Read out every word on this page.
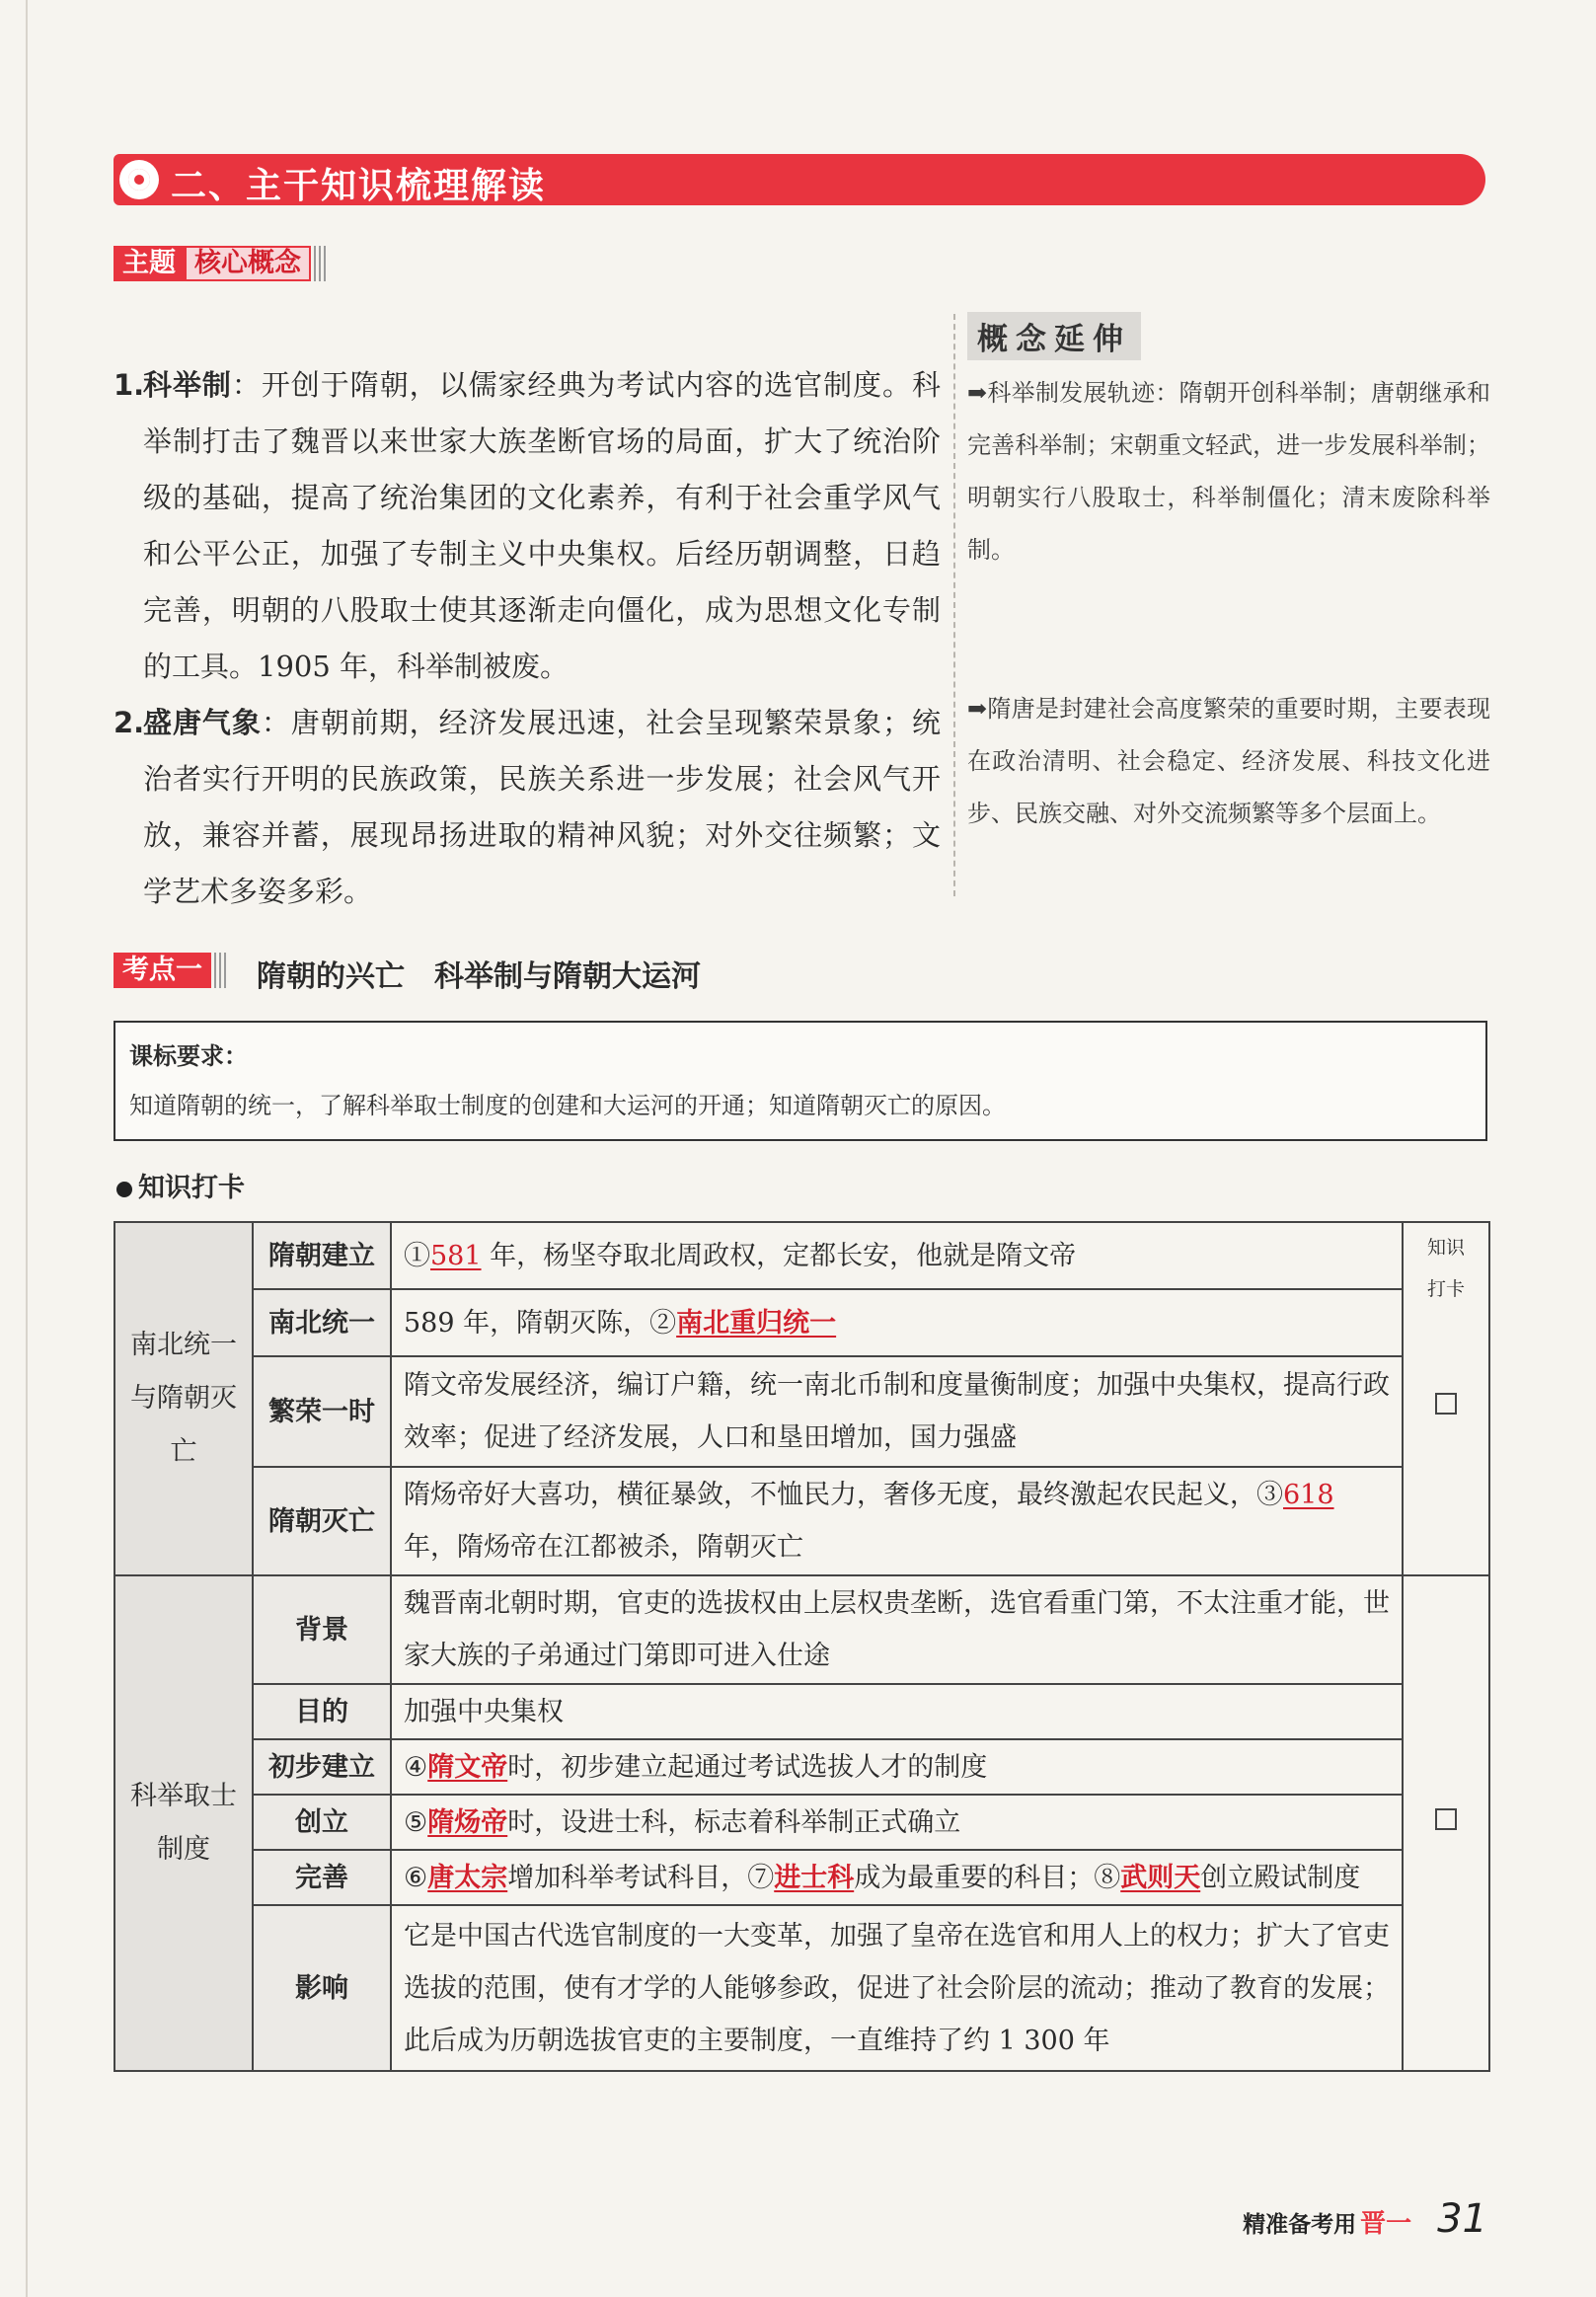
二、主干知识梳理解读
主题 核心概念
1.
科举制：开创于隋朝，以儒家经典为考试内容的选官制度。科举制打击了魏晋以来世家大族垄断官场的局面，扩大了统治阶级的基础，提高了统治集团的文化素养，有利于社会重学风气和公平公正，加强了专制主义中央集权。后经历朝调整，日趋完善，明朝的八股取士使其逐渐走向僵化，成为思想文化专制的工具。1905 年，科举制被废。
2.
盛唐气象：唐朝前期，经济发展迅速，社会呈现繁荣景象；统治者实行开明的民族政策，民族关系进一步发展；社会风气开放，兼容并蓄，展现昂扬进取的精神风貌；对外交往频繁；文学艺术多姿多彩。
概念延伸
➡科举制发展轨迹：隋朝开创科举制；唐朝继承和完善科举制；宋朝重文轻武，进一步发展科举制；明朝实行八股取士，科举制僵化；清末废除科举制。
➡隋唐是封建社会高度繁荣的重要时期，主要表现在政治清明、社会稳定、经济发展、科技文化进步、民族交融、对外交流频繁等多个层面上。
考点一	隋朝的兴亡　科举制与隋朝大运河
课标要求：
知道隋朝的统一，了解科举取士制度的创建和大运河的开通；知道隋朝灭亡的原因。
知识打卡
南北统一与隋朝灭亡	隋朝建立	①581 年，杨坚夺取北周政权，定都长安，他就是隋文帝	知识
打卡

	南北统一	589 年，隋朝灭陈，②南北重归统一	
	繁荣一时	隋文帝发展经济，编订户籍，统一南北币制和度量衡制度；加强中央集权，提高行政效率；促进了经济发展，人口和垦田增加，国力强盛	
	隋朝灭亡	隋炀帝好大喜功，横征暴敛，不恤民力，奢侈无度，最终激起农民起义，③618 年，隋炀帝在江都被杀，隋朝灭亡	
科举取士制度	背景	魏晋南北朝时期，官吏的选拔权由上层权贵垄断，选官看重门第，不太注重才能，世家大族的子弟通过门第即可进入仕途	
	目的	加强中央集权	
	初步建立	④隋文帝时，初步建立起通过考试选拔人才的制度	
	创立	⑤隋炀帝时，设进士科，标志着科举制正式确立	
	完善	⑥唐太宗增加科举考试科目，⑦进士科成为最重要的科目；⑧武则天创立殿试制度	
	影响	它是中国古代选官制度的一大变革，加强了皇帝在选官和用人上的权力；扩大了官吏选拔的范围，使有才学的人能够参政，促进了社会阶层的流动；推动了教育的发展；此后成为历朝选拔官吏的主要制度，一直维持了约 1 300 年	
精准备考用 晋一 31
